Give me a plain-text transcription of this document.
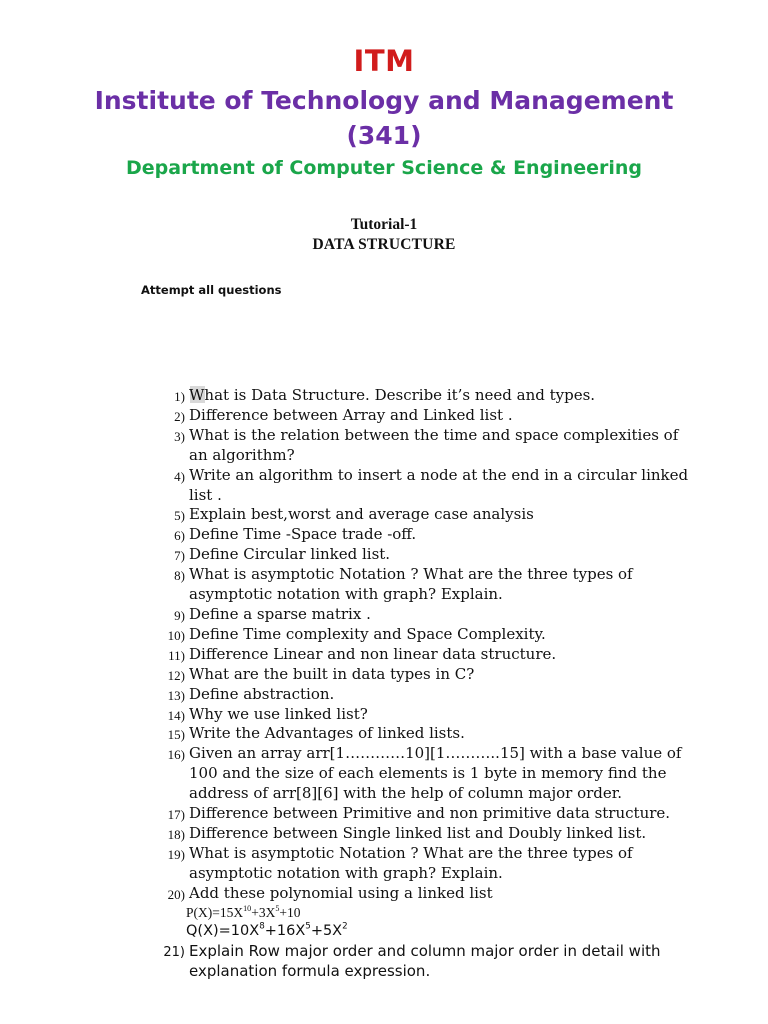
ITM
Institute of Technology and Management
(341)
Department of Computer Science & Engineering
Tutorial-1
DATA STRUCTURE
Attempt all questions
1) What is Data Structure. Describe it’s need and types.
2) Difference between Array and Linked list .
3) What is the relation between the time and space complexities of an algorithm?
4) Write an algorithm to insert a node at the end in a circular linked list .
5) Explain best,worst and average case analysis
6) Define Time -Space trade -off.
7) Define Circular linked list.
8) What is asymptotic Notation ? What are the three types of asymptotic notation with graph? Explain.
9) Define a sparse matrix .
10) Define Time complexity and Space Complexity.
11) Difference Linear and non linear data structure.
12) What are the built in data types in C?
13) Define abstraction.
14) Why we use linked list?
15) Write the Advantages of linked lists.
16) Given an array arr[1…………10][1………..15] with a base value of 100 and the size of each elements is 1 byte in memory find the address of arr[8][6] with the help of column major order.
17) Difference between Primitive and non primitive data structure.
18) Difference between Single linked list and Doubly linked list.
19) What is asymptotic Notation ? What are the three types of asymptotic notation with graph? Explain.
20) Add these polynomial using a linked list
$P(X)=15X^{10}+3X^5+10$
$Q(X)=10X^8+16X^5+5X^2$
21) Explain Row major order and column major order in detail with explanation formula expression.
